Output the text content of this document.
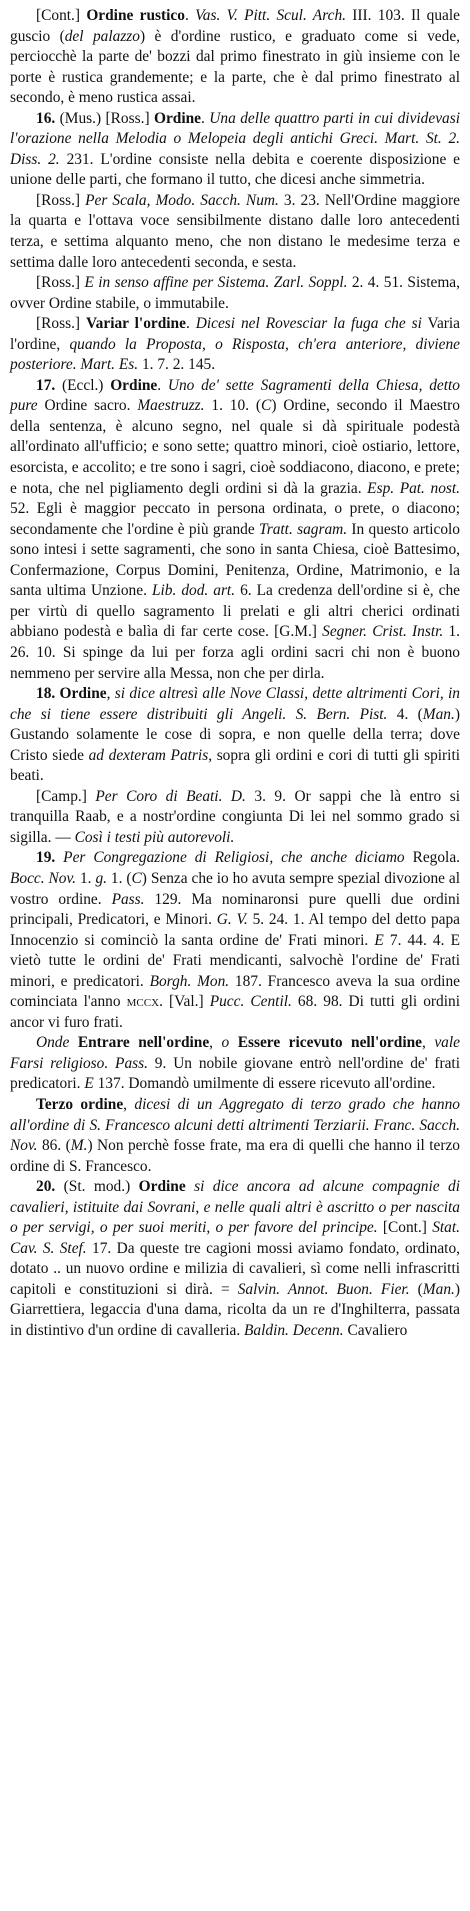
[Cont.] Ordine rustico. Vas. V. Pitt. Scul. Arch. III. 103. Il quale guscio (del palazzo) è d'ordine rustico, e graduato come si vede, perciocchè la parte de' bozzi dal primo finestrato in giù insieme con le porte è rustica grandemente; e la parte, che è dal primo finestrato al secondo, è meno rustica assai.

16. (Mus.) [Ross.] Ordine. Una delle quattro parti in cui dividevasi l'orazione nella Melodia o Melopeia degli antichi Greci. Mart. St. 2. Diss. 2. 231. L'ordine consiste nella debita e coerente disposizione e unione delle parti, che formano il tutto, che dicesi anche simmetria.

[Ross.] Per Scala, Modo. Sacch. Num. 3. 23. Nell'Ordine maggiore la quarta e l'ottava voce sensibilmente distano dalle loro antecedenti terza, e settima alquanto meno, che non distano le medesime terza e settima dalle loro antecedenti seconda, e sesta.

[Ross.] E in senso affine per Sistema. Zarl. Soppl. 2. 4. 51. Sistema, ovver Ordine stabile, o immutabile.

[Ross.] Variar l'ordine. Dicesi nel Rovesciar la fuga che si Varia l'ordine, quando la Proposta, o Risposta, ch'era anteriore, diviene posteriore. Mart. Es. 1. 7. 2. 145.

17. (Eccl.) Ordine. Uno de' sette Sagramenti della Chiesa, detto pure Ordine sacro. Maestruzz. 1. 10. (C) Ordine, secondo il Maestro della sentenza, è alcuno segno, nel quale si dà spirituale podestà all'ordinato all'ufficio; e sono sette; quattro minori, cioè ostiario, lettore, esorcista, e accolito; e tre sono i sagri, cioè soddiacono, diacono, e prete; e nota, che nel pigliamento degli ordini si dà la grazia. Esp. Pat. nost. 52. Egli è maggior peccato in persona ordinata, o prete, o diacono; secondamente che l'ordine è più grande Tratt. sagram. In questo articolo sono intesi i sette sagramenti, che sono in santa Chiesa, cioè Battesimo, Confermazione, Corpus Domini, Penitenza, Ordine, Matrimonio, e la santa ultima Unzione. Lib. dod. art. 6. La credenza dell'ordine si è, che per virtù di quello sagramento li prelati e gli altri cherici ordinati abbiano podestà e balìa di far certe cose. [G.M.] Segner. Crist. Instr. 1. 26. 10. Si spinge da lui per forza agli ordini sacri chi non è buono nemmeno per servire alla Messa, non che per dirla.

18. Ordine, si dice altresì alle Nove Classi, dette altrimenti Cori, in che si tiene essere distribuiti gli Angeli. S. Bern. Pist. 4. (Man.) Gustando solamente le cose di sopra, e non quelle della terra; dove Cristo siede ad dexteram Patris, sopra gli ordini e cori di tutti gli spiriti beati.

[Camp.] Per Coro di Beati. D. 3. 9. Or sappi che là entro si tranquilla Raab, e a nostr'ordine congiunta Di lei nel sommo grado si sigilla. — Così i testi più autorevoli.

19. Per Congregazione di Religiosi, che anche diciamo Regola. Bocc. Nov. 1. g. 1. (C) Senza che io ho avuta sempre spezial divozione al vostro ordine. Pass. 129. Ma nominaronsi pure quelli due ordini principali, Predicatori, e Minori. G. V. 5. 24. 1. Al tempo del detto papa Innocenzio si cominciò la santa ordine de' Frati minori. E 7. 44. 4. E vietò tutte le ordini de' Frati mendicanti, salvochè l'ordine de' Frati minori, e predicatori. Borgh. Mon. 187. Francesco aveva la sua ordine cominciata l'anno mccx. [Val.] Pucc. Centil. 68. 98. Di tutti gli ordini ancor vi furo frati.

Onde Entrare nell'ordine, o Essere ricevuto nell'ordine, vale Farsi religioso. Pass. 9. Un nobile giovane entrò nell'ordine de' frati predicatori. E 137. Domandò umilmente di essere ricevuto all'ordine.

Terzo ordine, dicesi di un Aggregato di terzo grado che hanno all'ordine di S. Francesco alcuni detti altrimenti Terziarii. Franc. Sacch. Nov. 86. (M.) Non perchè fosse frate, ma era di quelli che hanno il terzo ordine di S. Francesco.

20. (St. mod.) Ordine si dice ancora ad alcune compagnie di cavalieri, istituite dai Sovrani, e nelle quali altri è ascritto o per nascita o per servigi, o per suoi meriti, o per favore del principe. [Cont.] Stat. Cav. S. Stef. 17. Da queste tre cagioni mossi aviamo fondato, ordinato, dotato .. un nuovo ordine e milizia di cavalieri, sì come nelli infrascritti capitoli e constituzioni si dirà. = Salvin. Annot. Buon. Fier. (Man.) Giarrettiera, legaccia d'una dama, ricolta da un re d'Inghilterra, passata in distintivo d'un ordine di cavalleria. Baldin. Decenn. Cavaliero
